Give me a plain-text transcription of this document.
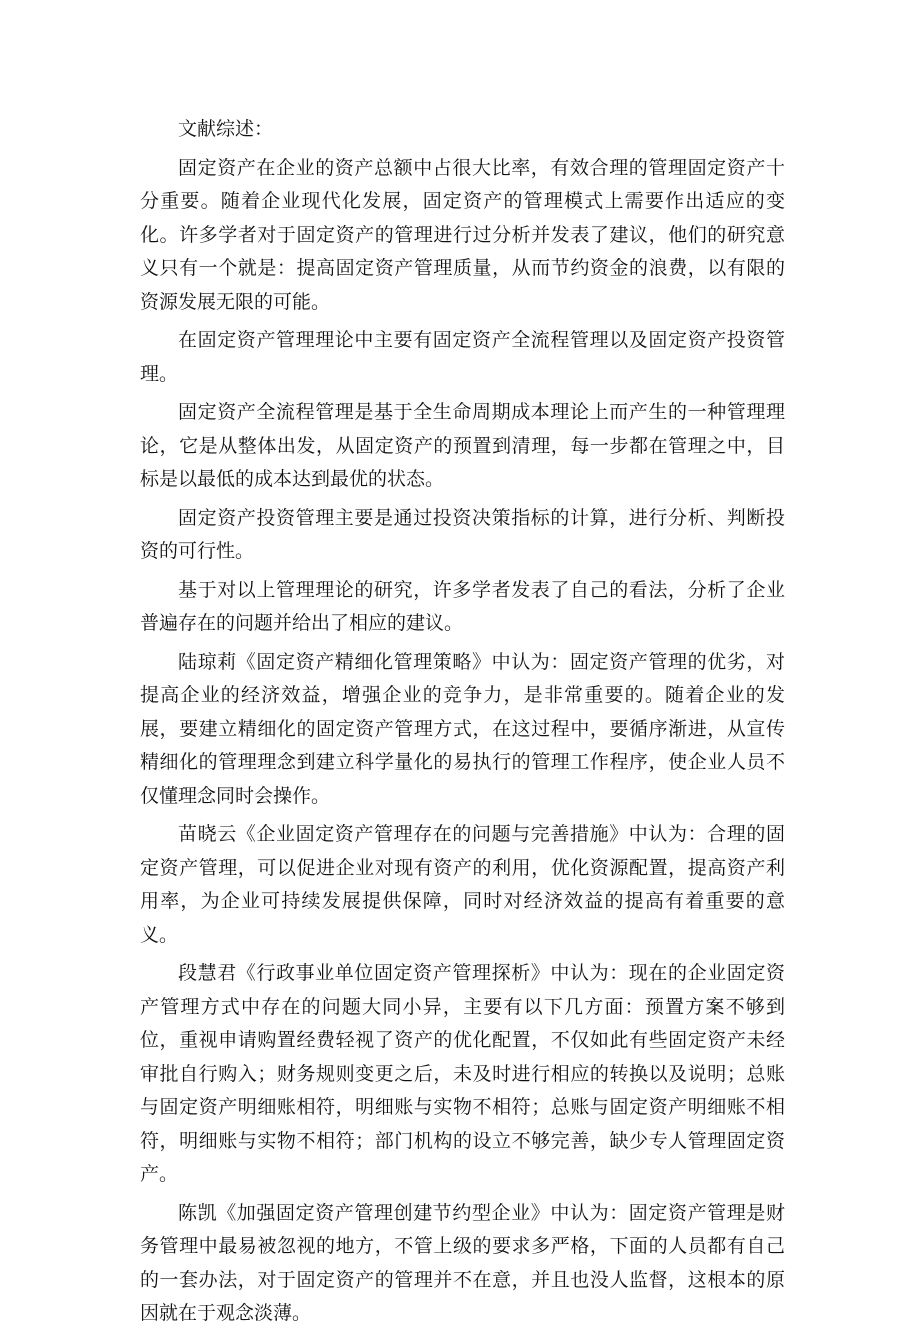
文献综述：

固定资产在企业的资产总额中占很大比率，有效合理的管理固定资产十分重要。随着企业现代化发展，固定资产的管理模式上需要作出适应的变化。许多学者对于固定资产的管理进行过分析并发表了建议，他们的研究意义只有一个就是：提高固定资产管理质量，从而节约资金的浪费，以有限的资源发展无限的可能。

在固定资产管理理论中主要有固定资产全流程管理以及固定资产投资管理。

固定资产全流程管理是基于全生命周期成本理论上而产生的一种管理理论，它是从整体出发，从固定资产的预置到清理，每一步都在管理之中，目标是以最低的成本达到最优的状态。

固定资产投资管理主要是通过投资决策指标的计算，进行分析、判断投资的可行性。

基于对以上管理理论的研究，许多学者发表了自己的看法，分析了企业普遍存在的问题并给出了相应的建议。

陆琼莉《固定资产精细化管理策略》中认为：固定资产管理的优劣，对提高企业的经济效益，增强企业的竞争力，是非常重要的。随着企业的发展，要建立精细化的固定资产管理方式，在这过程中，要循序渐进，从宣传精细化的管理理念到建立科学量化的易执行的管理工作程序，使企业人员不仅懂理念同时会操作。

苗晓云《企业固定资产管理存在的问题与完善措施》中认为：合理的固定资产管理，可以促进企业对现有资产的利用，优化资源配置，提高资产利用率，为企业可持续发展提供保障，同时对经济效益的提高有着重要的意义。

段慧君《行政事业单位固定资产管理探析》中认为：现在的企业固定资产管理方式中存在的问题大同小异，主要有以下几方面：预置方案不够到位，重视申请购置经费轻视了资产的优化配置，不仅如此有些固定资产未经审批自行购入；财务规则变更之后，未及时进行相应的转换以及说明；总账与固定资产明细账相符，明细账与实物不相符；总账与固定资产明细账不相符，明细账与实物不相符；部门机构的设立不够完善，缺少专人管理固定资产。

陈凯《加强固定资产管理创建节约型企业》中认为：固定资产管理是财务管理中最易被忽视的地方，不管上级的要求多严格，下面的人员都有自己的一套办法，对于固定资产的管理并不在意，并且也没人监督，这根本的原因就在于观念淡薄。
